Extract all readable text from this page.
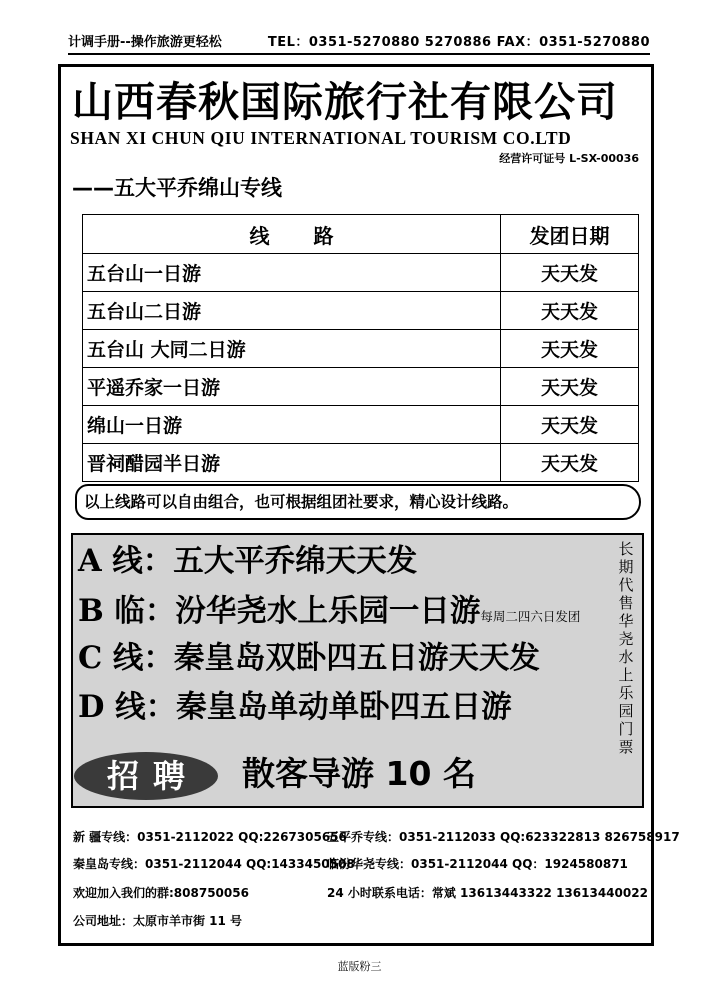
计调手册--操作旅游更轻松	TEL：0351-5270880 5270886 FAX：0351-5270880
山西春秋国际旅行社有限公司
SHAN XI CHUN QIU INTERNATIONAL TOURISM CO.LTD
经营许可证号 L-SX-00036
——五大平乔绵山专线
线路	发团日期
五台山一日游	天天发
五台山二日游	天天发
五台山 大同二日游	天天发
平遥乔家一日游	天天发
绵山一日游	天天发
晋祠醋园半日游	天天发
以上线路可以自由组合，也可根据组团社要求，精心设计线路。
A 线：五大平乔绵天天发
B 临：汾华尧水上乐园一日游每周二四六日发团
C 线：秦皇岛双卧四五日游天天发
D 线：秦皇岛单动单卧四五日游
长期代售华尧水上乐园门票
招聘	散客导游 10 名
新 疆专线：0351-2112022 QQ:2267305656
五平乔专线：0351-2112033 QQ:623322813 826758917
秦皇岛专线：0351-2112044 QQ:1433450508
临汾华尧专线：0351-2112044 QQ：1924580871
欢迎加入我们的群:808750056	24 小时联系电话：常斌 13613443322 13613440022
公司地址：太原市羊市街 11 号
蓝版粉三
